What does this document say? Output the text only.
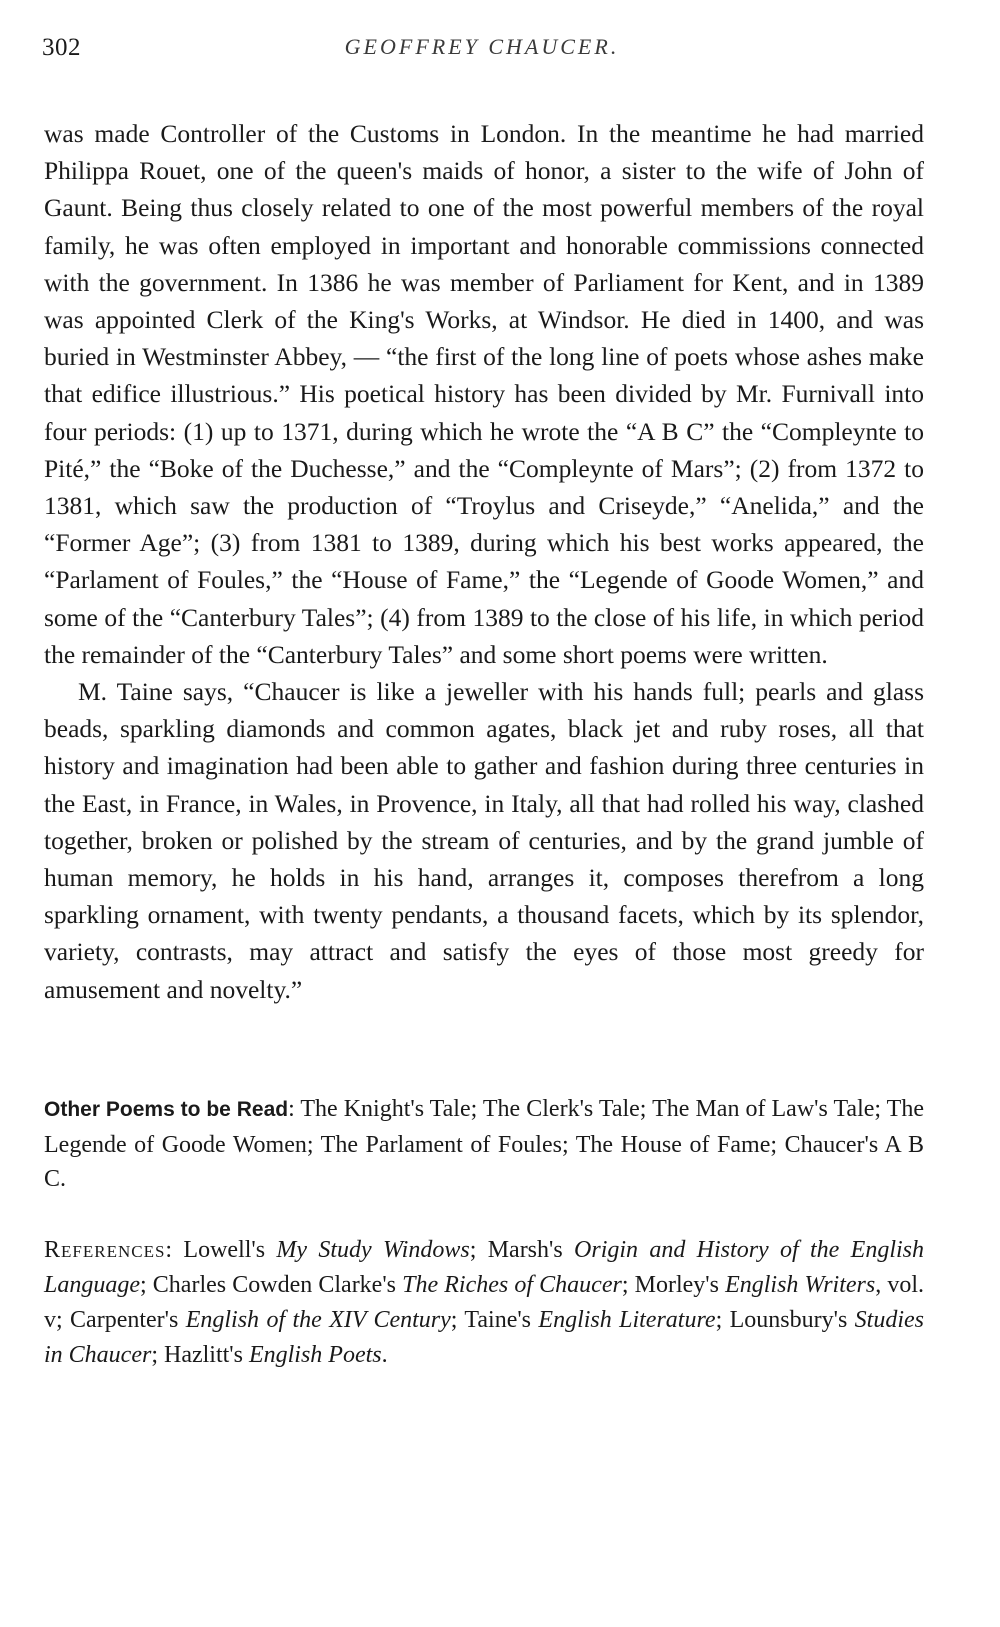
302	GEOFFREY CHAUCER.

was made Controller of the Customs in London. In the meantime he had married Philippa Rouet, one of the queen's maids of honor, a sister to the wife of John of Gaunt. Being thus closely related to one of the most powerful members of the royal family, he was often employed in important and honorable commissions connected with the government. In 1386 he was member of Parliament for Kent, and in 1389 was appointed Clerk of the King's Works, at Windsor. He died in 1400, and was buried in Westminster Abbey, — “the first of the long line of poets whose ashes make that edifice illustrious.” His poetical history has been divided by Mr. Furnivall into four periods: (1) up to 1371, during which he wrote the “A B C” the “Compleynte to Pité,” the “Boke of the Duchesse,” and the “Compleynte of Mars”; (2) from 1372 to 1381, which saw the production of “Troylus and Criseyde,” “Anelida,” and the “Former Age”; (3) from 1381 to 1389, during which his best works appeared, the “Parlament of Foules,” the “House of Fame,” the “Legende of Goode Women,” and some of the “Canterbury Tales”; (4) from 1389 to the close of his life, in which period the remainder of the “Canterbury Tales” and some short poems were written.

M. Taine says, “Chaucer is like a jeweller with his hands full; pearls and glass beads, sparkling diamonds and common agates, black jet and ruby roses, all that history and imagination had been able to gather and fashion during three centuries in the East, in France, in Wales, in Provence, in Italy, all that had rolled his way, clashed together, broken or polished by the stream of centuries, and by the grand jumble of human memory, he holds in his hand, arranges it, composes therefrom a long sparkling ornament, with twenty pendants, a thousand facets, which by its splendor, variety, contrasts, may attract and satisfy the eyes of those most greedy for amusement and novelty.”

Other Poems to be Read: The Knight's Tale; The Clerk's Tale; The Man of Law's Tale; The Legende of Goode Women; The Parlament of Foules; The House of Fame; Chaucer's A B C.
References: Lowell's My Study Windows; Marsh's Origin and History of the English Language; Charles Cowden Clarke's The Riches of Chaucer; Morley's English Writers, vol. v; Carpenter's English of the XIV Century; Taine's English Literature; Lounsbury's Studies in Chaucer; Hazlitt's English Poets.
